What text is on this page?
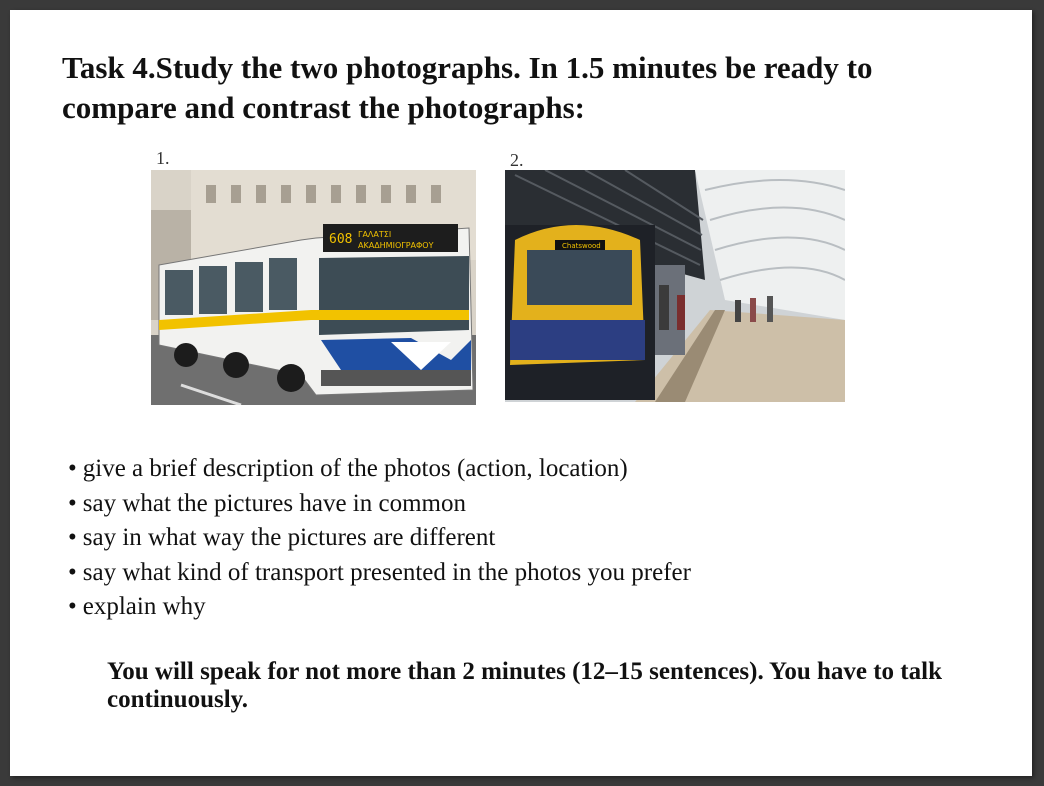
Task 4.Study the two photographs. In 1.5 minutes be ready to compare and contrast the photographs:
1.
608 ΓΑΛΑΤΣΙ
ΑΚΑΔΗΜΙΟΓΡΑΦΟΥ
2.
Chatswood
• give a brief description of the photos (action, location)
• say what the pictures have in common
• say in what way the pictures are different
• say what kind of transport presented in the photos you prefer
• explain why
You will speak for not more than 2 minutes (12–15 sentences). You have to talk continuously.
